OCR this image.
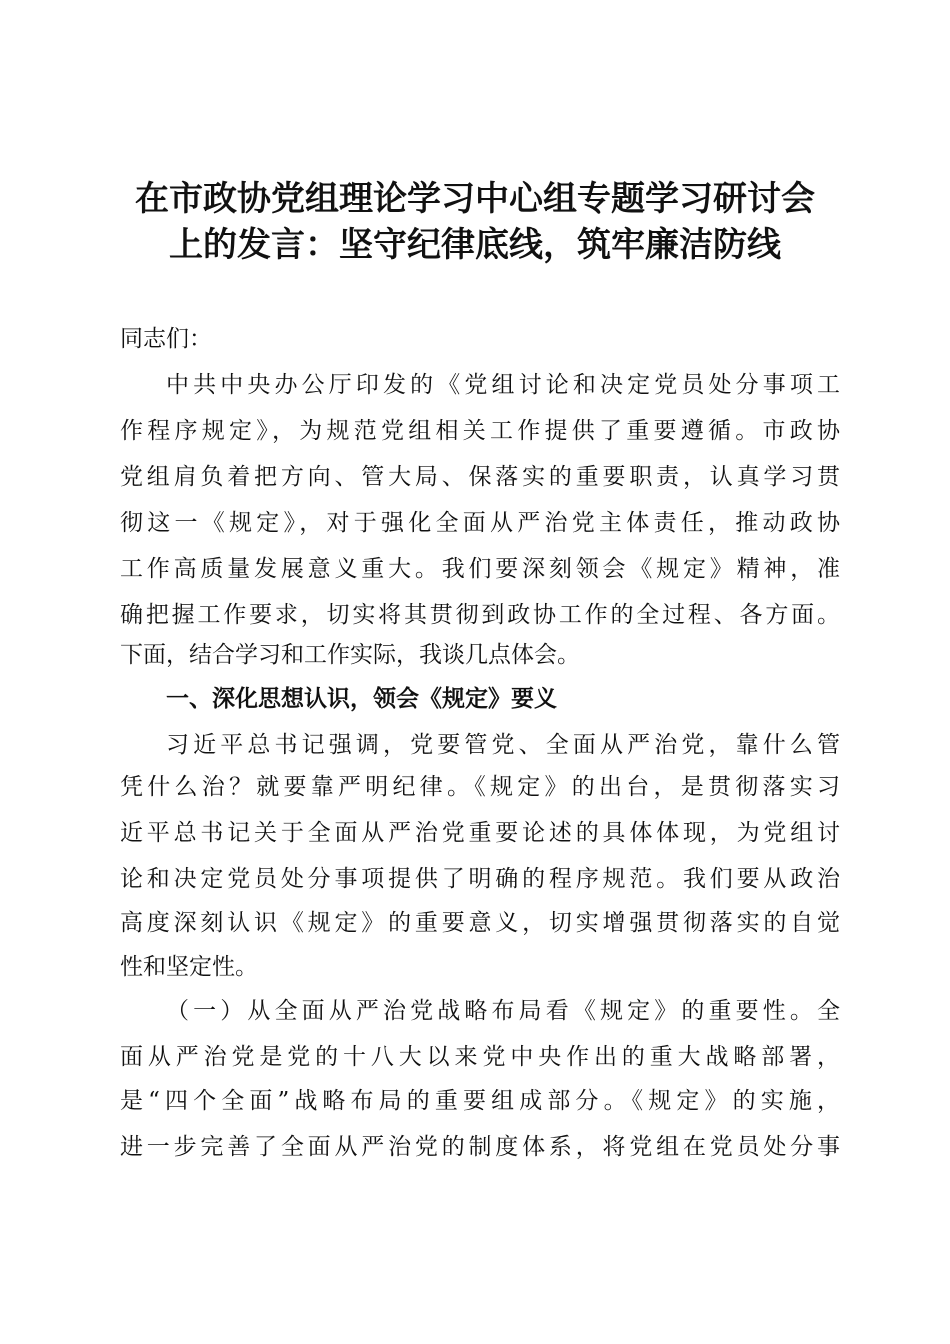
在市政协党组理论学习中心组专题学习研讨会
上的发言：坚守纪律底线，筑牢廉洁防线

同志们：

中共中央办公厅印发的《党组讨论和决定党员处分事项工

作程序规定》，为规范党组相关工作提供了重要遵循。市政协

党组肩负着把方向、管大局、保落实的重要职责，认真学习贯

彻这一《规定》，对于强化全面从严治党主体责任，推动政协

工作高质量发展意义重大。我们要深刻领会《规定》精神，准

确把握工作要求，切实将其贯彻到政协工作的全过程、各方面。

下面，结合学习和工作实际，我谈几点体会。

一、深化思想认识，领会《规定》要义

习近平总书记强调，党要管党、全面从严治党，靠什么管

凭什么治？就要靠严明纪律。《规定》的出台，是贯彻落实习

近平总书记关于全面从严治党重要论述的具体体现，为党组讨

论和决定党员处分事项提供了明确的程序规范。我们要从政治

高度深刻认识《规定》的重要意义，切实增强贯彻落实的自觉

性和坚定性。

（一）从全面从严治党战略布局看《规定》的重要性。全

面从严治党是党的十八大以来党中央作出的重大战略部署，

是“四个全面”战略布局的重要组成部分。《规定》的实施，

进一步完善了全面从严治党的制度体系，将党组在党员处分事
